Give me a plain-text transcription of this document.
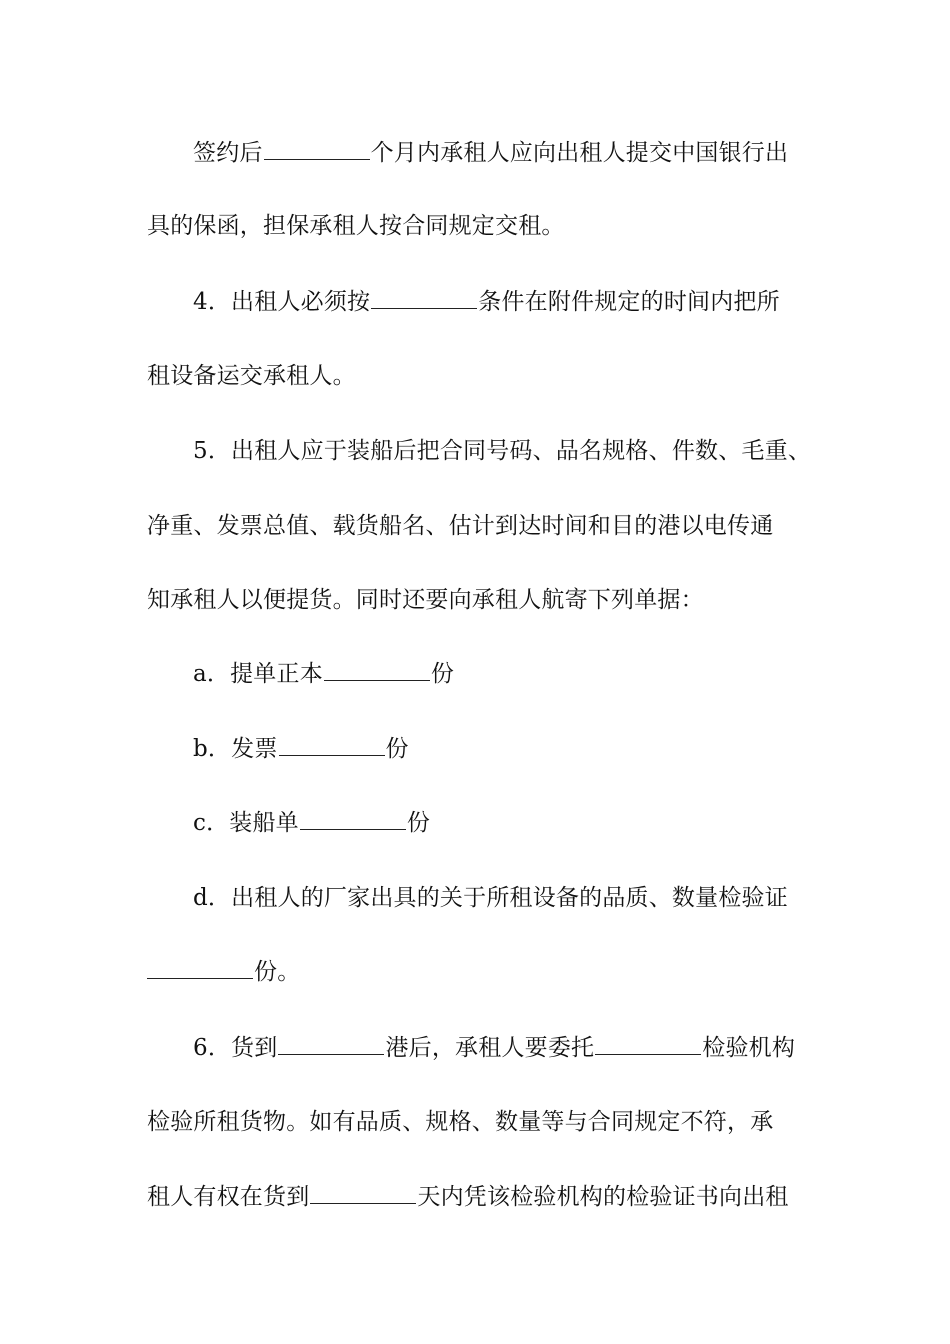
签约后	个月内承租人应向出租人提交中国银行出
具的保函，担保承租人按合同规定交租。
4．出租人必须按	条件在附件规定的时间内把所
租设备运交承租人。
5．出租人应于装船后把合同号码、品名规格、件数、毛重、
净重、发票总值、载货船名、估计到达时间和目的港以电传通
知承租人以便提货。同时还要向承租人航寄下列单据：
a．提单正本	份
b．发票	份
c．装船单	份
d．出租人的厂家出具的关于所租设备的品质、数量检验证
份。
6．货到	港后，承租人要委托	检验机构
检验所租货物。如有品质、规格、数量等与合同规定不符，承
租人有权在货到	天内凭该检验机构的检验证书向出租
